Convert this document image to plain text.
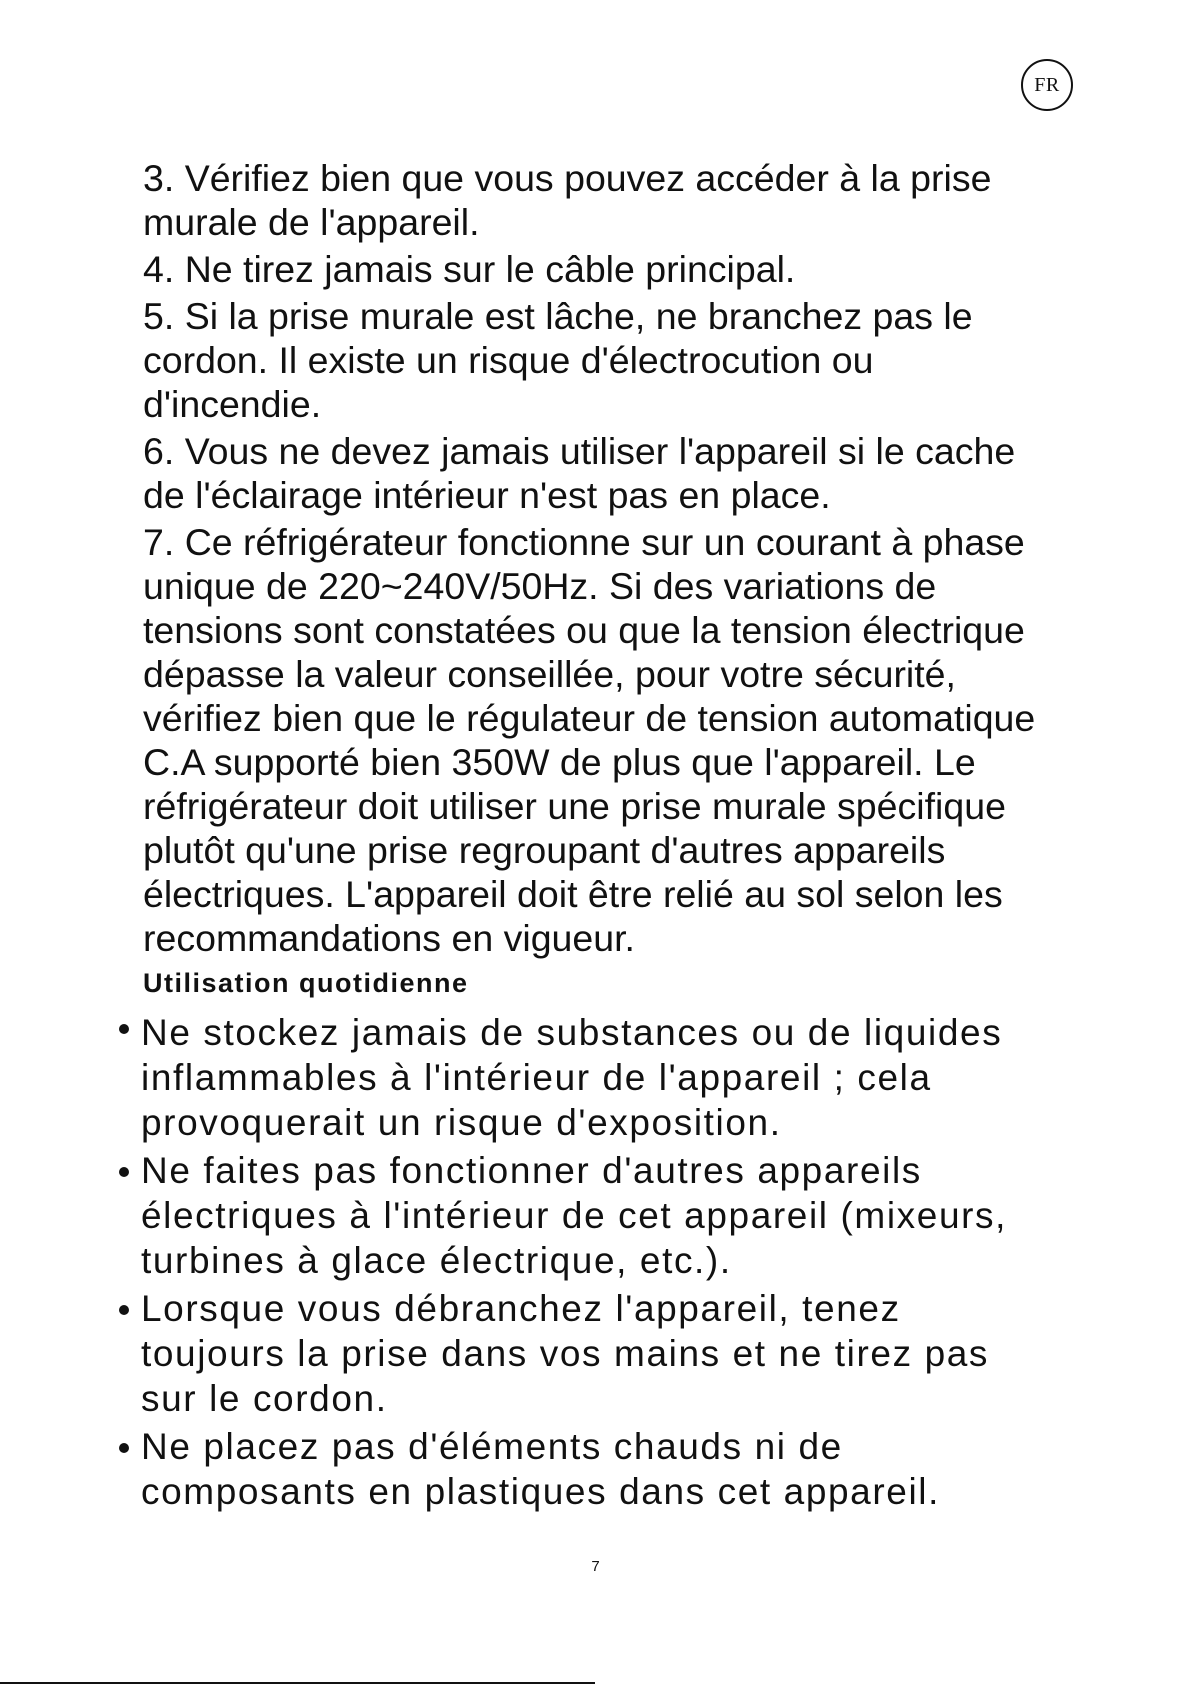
FR
3. Vérifiez bien que vous pouvez accéder à la prise
murale de l'appareil.
4. Ne tirez jamais sur le câble principal.
5. Si la prise murale est lâche, ne branchez pas le
cordon. Il existe un risque d'électrocution ou
d'incendie.
6. Vous ne devez jamais utiliser l'appareil si le cache
de l'éclairage intérieur n'est pas en place.
7. Ce réfrigérateur fonctionne sur un courant à phase
unique de 220~240V/50Hz. Si des variations de
tensions sont constatées ou que la tension électrique
dépasse la valeur conseillée, pour votre sécurité,
vérifiez bien que le régulateur de tension automatique
C.A supporté bien 350W de plus que l'appareil. Le
réfrigérateur doit utiliser une prise murale spécifique
plutôt qu'une prise regroupant d'autres appareils
électriques. L'appareil doit être relié au sol selon les
recommandations en vigueur.
Utilisation quotidienne
Ne stockez jamais de substances ou de liquides
inflammables à l'intérieur de l'appareil ; cela
provoquerait un risque d'exposition.
Ne faites pas fonctionner d'autres appareils
électriques à l'intérieur de cet appareil (mixeurs,
turbines à glace électrique, etc.).
Lorsque vous débranchez l'appareil, tenez
toujours la prise dans vos mains et ne tirez pas
sur le cordon.
Ne placez pas d'éléments chauds ni de
composants en plastiques dans cet appareil.
7
